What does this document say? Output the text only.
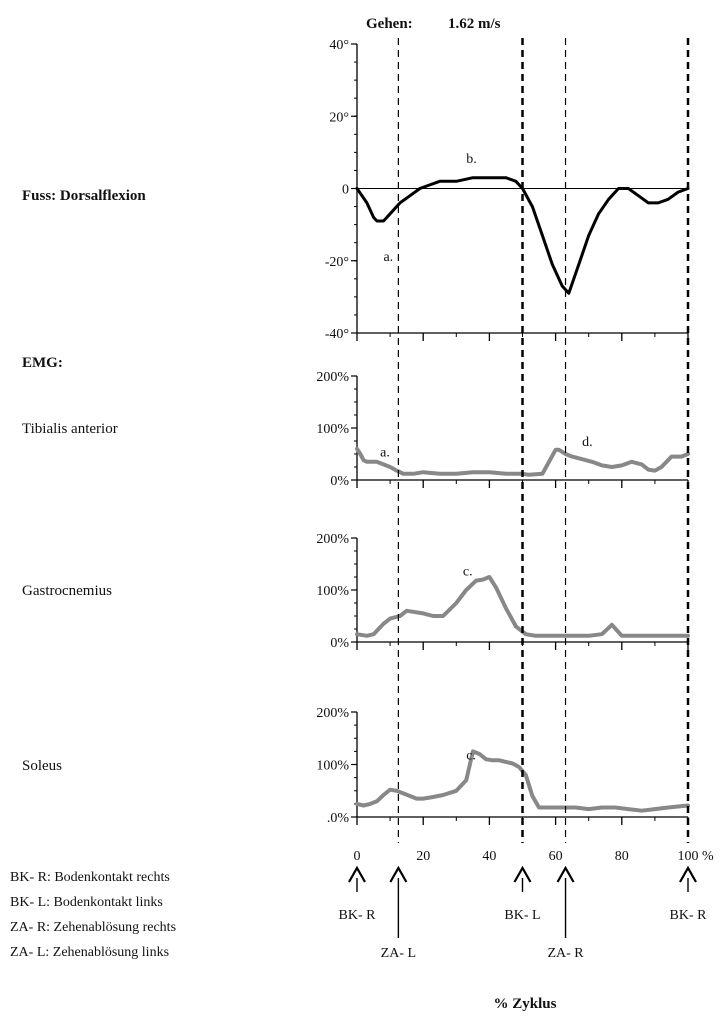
Gehen: 1.62 m/s
Fuss: Dorsalflexion
EMG:
Tibialis anterior
Gastrocnemius
Soleus
40°
20°
0
-20°
-40°
a.
b.
200%
100%
0%
a.
d.
200%
100%
0%
c.
200%
100%
.0%
c.
0	20	40	60	80	100 %
BK- R
ZA- L
BK- L
ZA- R
BK- R
BK- R: Bodenkontakt rechts
BK- L: Bodenkontakt links
ZA- R: Zehenablösung rechts
ZA- L: Zehenablösung links
% Zyklus
